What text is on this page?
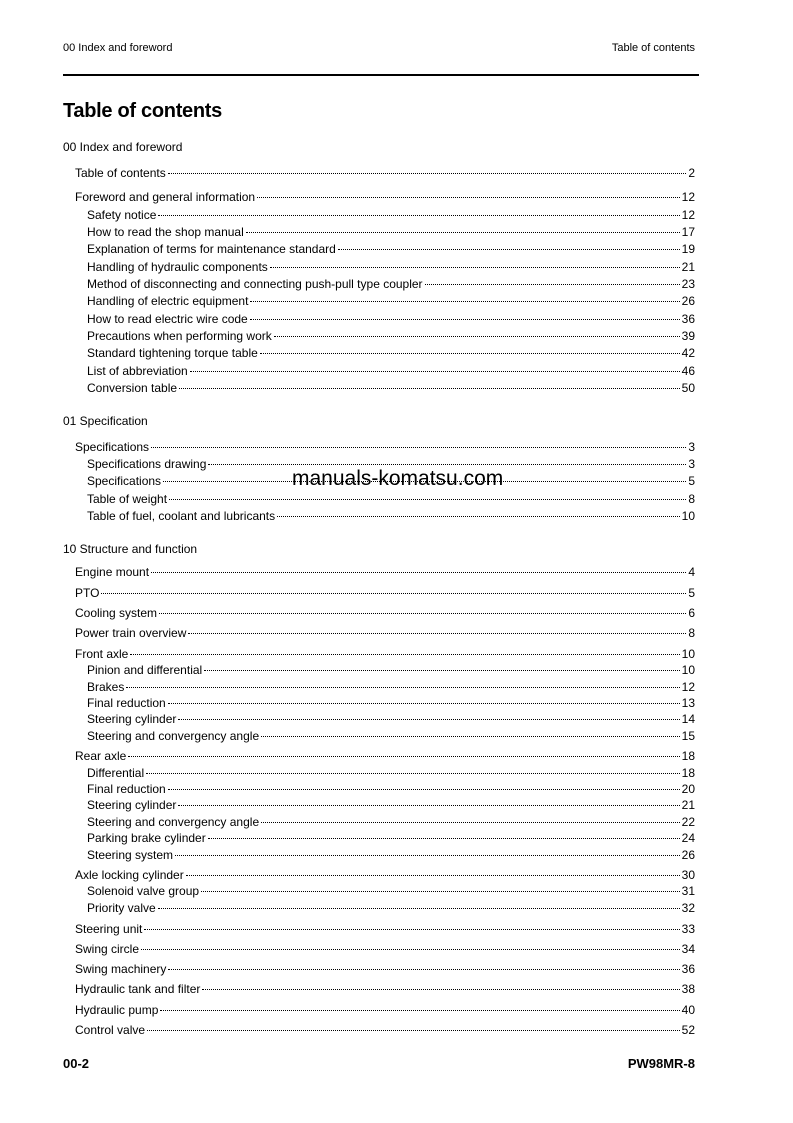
00 Index and foreword	Table of contents
Table of contents
00 Index and foreword
Table of contents	2
Foreword and general information	12
Safety notice	12
How to read the shop manual	17
Explanation of terms for maintenance standard	19
Handling of hydraulic components	21
Method of disconnecting and connecting push-pull type coupler	23
Handling of electric equipment	26
How to read electric wire code	36
Precautions when performing work	39
Standard tightening torque table	42
List of abbreviation	46
Conversion table	50
01 Specification
Specifications	3
Specifications drawing	3
Specifications	5
Table of weight	8
Table of fuel, coolant and lubricants	10
10 Structure and function
Engine mount	4
PTO	5
Cooling system	6
Power train overview	8
Front axle	10
Pinion and differential	10
Brakes	12
Final reduction	13
Steering cylinder	14
Steering and convergency angle	15
Rear axle	18
Differential	18
Final reduction	20
Steering cylinder	21
Steering and convergency angle	22
Parking brake cylinder	24
Steering system	26
Axle locking cylinder	30
Solenoid valve group	31
Priority valve	32
Steering unit	33
Swing circle	34
Swing machinery	36
Hydraulic tank and filter	38
Hydraulic pump	40
Control valve	52
manuals-komatsu.com
00-2	PW98MR-8
